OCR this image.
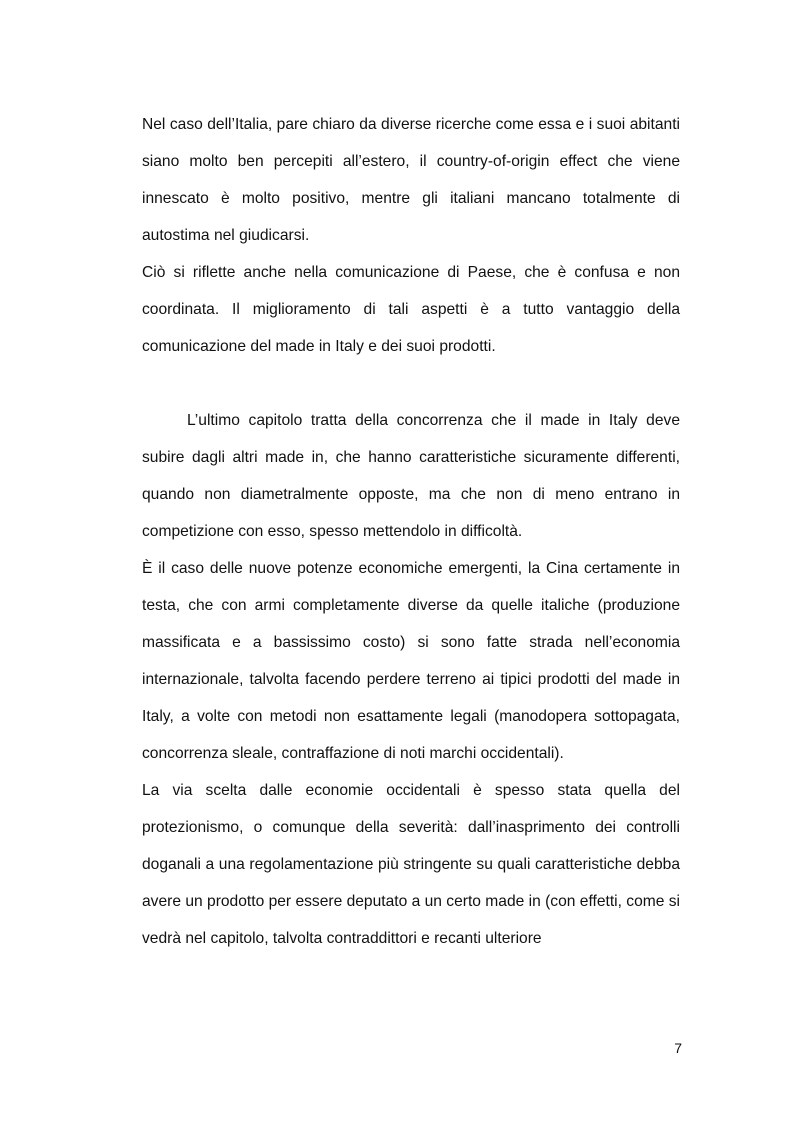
Nel caso dell’Italia, pare chiaro da diverse ricerche come essa e i suoi abitanti siano molto ben percepiti all’estero, il country-of-origin effect che viene innescato è molto positivo, mentre gli italiani mancano totalmente di autostima nel giudicarsi.

Ciò si riflette anche nella comunicazione di Paese, che è confusa e non coordinata. Il miglioramento di tali aspetti è a tutto vantaggio della comunicazione del made in Italy e dei suoi prodotti.

L’ultimo capitolo tratta della concorrenza che il made in Italy deve subire dagli altri made in, che hanno caratteristiche sicuramente differenti, quando non diametralmente opposte, ma che non di meno entrano in competizione con esso, spesso mettendolo in difficoltà.

È il caso delle nuove potenze economiche emergenti, la Cina certamente in testa, che con armi completamente diverse da quelle italiche (produzione massificata e a bassissimo costo) si sono fatte strada nell’economia internazionale, talvolta facendo perdere terreno ai tipici prodotti del made in Italy, a volte con metodi non esattamente legali (manodopera sottopagata, concorrenza sleale, contraffazione di noti marchi occidentali).

La via scelta dalle economie occidentali è spesso stata quella del protezionismo, o comunque della severità: dall’inasprimento dei controlli doganali a una regolamentazione più stringente su quali caratteristiche debba avere un prodotto per essere deputato a un certo made in (con effetti, come si vedrà nel capitolo, talvolta contraddittori e recanti ulteriore

7
